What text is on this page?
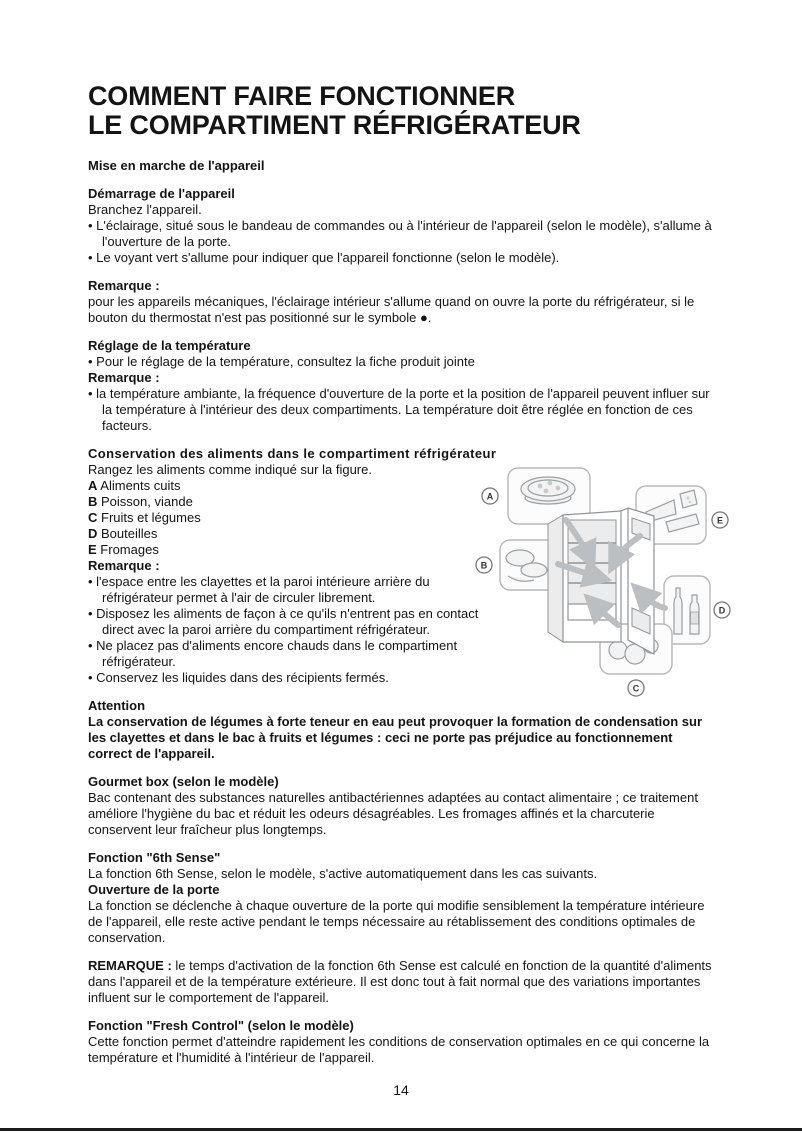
COMMENT FAIRE FONCTIONNER
LE COMPARTIMENT RÉFRIGÉRATEUR

Mise en marche de l'appareil

Démarrage de l'appareil

Branchez l'appareil.

• L'éclairage, situé sous le bandeau de commandes ou à l'intérieur de l'appareil (selon le modèle), s'allume à l'ouverture de la porte.

• Le voyant vert s'allume pour indiquer que l'appareil fonctionne (selon le modèle).

Remarque :

pour les appareils mécaniques, l'éclairage intérieur s'allume quand on ouvre la porte du réfrigérateur, si le bouton du thermostat n'est pas positionné sur le symbole ●.

Réglage de la température

• Pour le réglage de la température, consultez la fiche produit jointe

Remarque :

• la température ambiante, la fréquence d'ouverture de la porte et la position de l'appareil peuvent influer sur la température à l'intérieur des deux compartiments. La température doit être réglée en fonction de ces facteurs.

Conservation des aliments dans le compartiment réfrigérateur

Rangez les aliments comme indiqué sur la figure.

A Aliments cuits

B Poisson, viande

C Fruits et légumes

D Bouteilles

E Fromages

Remarque :

• l'espace entre les clayettes et la paroi intérieure arrière du réfrigérateur permet à l'air de circuler librement.

• Disposez les aliments de façon à ce qu'ils n'entrent pas en contact direct avec la paroi arrière du compartiment réfrigérateur.

• Ne placez pas d'aliments encore chauds dans le compartiment réfrigérateur.

• Conservez les liquides dans des récipients fermés.

A
B
C
D
E

Attention

La conservation de légumes à forte teneur en eau peut provoquer la formation de condensation sur les clayettes et dans le bac à fruits et légumes : ceci ne porte pas préjudice au fonctionnement correct de l'appareil.

Gourmet box (selon le modèle)

Bac contenant des substances naturelles antibactériennes adaptées au contact alimentaire ; ce traitement améliore l'hygiène du bac et réduit les odeurs désagréables. Les fromages affinés et la charcuterie conservent leur fraîcheur plus longtemps.

Fonction "6th Sense"

La fonction 6th Sense, selon le modèle, s'active automatiquement dans les cas suivants.

Ouverture de la porte

La fonction se déclenche à chaque ouverture de la porte qui modifie sensiblement la température intérieure de l'appareil, elle reste active pendant le temps nécessaire au rétablissement des conditions optimales de conservation.

REMARQUE : le temps d'activation de la fonction 6th Sense est calculé en fonction de la quantité d'aliments dans l'appareil et de la température extérieure. Il est donc tout à fait normal que des variations importantes influent sur le comportement de l'appareil.

Fonction "Fresh Control" (selon le modèle)

Cette fonction permet d'atteindre rapidement les conditions de conservation optimales en ce qui concerne la température et l'humidité à l'intérieur de l'appareil.

14
